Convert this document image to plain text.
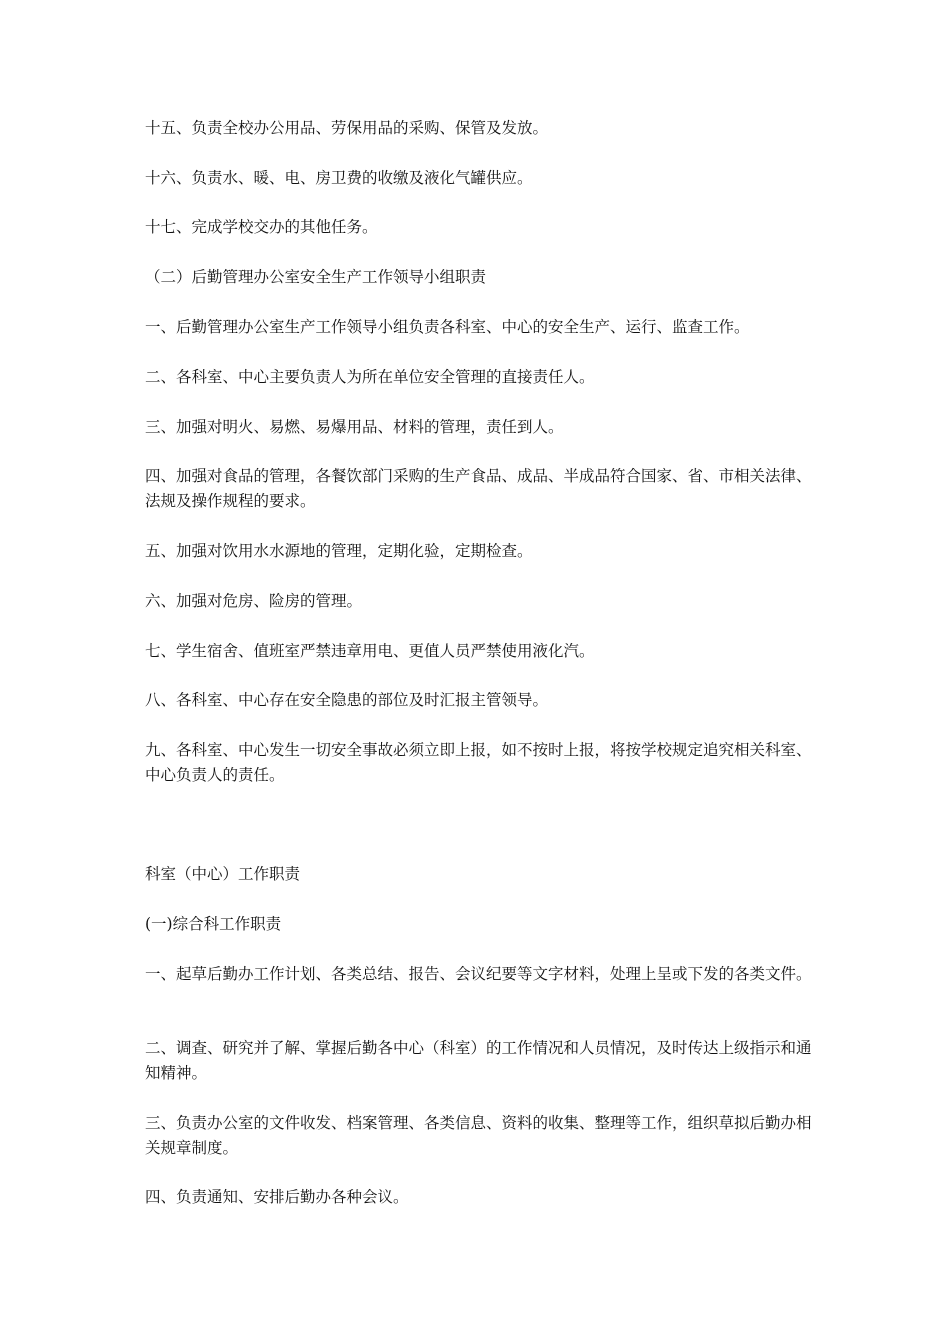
十五、负责全校办公用品、劳保用品的采购、保管及发放。

十六、负责水、暖、电、房卫费的收缴及液化气罐供应。

十七、完成学校交办的其他任务。

（二）后勤管理办公室安全生产工作领导小组职责

一、后勤管理办公室生产工作领导小组负责各科室、中心的安全生产、运行、监查工作。

二、各科室、中心主要负责人为所在单位安全管理的直接责任人。

三、加强对明火、易燃、易爆用品、材料的管理，责任到人。

四、加强对食品的管理，各餐饮部门采购的生产食品、成品、半成品符合国家、省、市相关法律、法规及操作规程的要求。

五、加强对饮用水水源地的管理，定期化验，定期检查。

六、加强对危房、险房的管理。

七、学生宿舍、值班室严禁违章用电、更值人员严禁使用液化汽。

八、各科室、中心存在安全隐患的部位及时汇报主管领导。

九、各科室、中心发生一切安全事故必须立即上报，如不按时上报，将按学校规定追究相关科室、中心负责人的责任。

科室（中心）工作职责

(一)综合科工作职责

一、起草后勤办工作计划、各类总结、报告、会议纪要等文字材料，处理上呈或下发的各类文件。

二、调查、研究并了解、掌握后勤各中心（科室）的工作情况和人员情况，及时传达上级指示和通知精神。

三、负责办公室的文件收发、档案管理、各类信息、资料的收集、整理等工作，组织草拟后勤办相关规章制度。

四、负责通知、安排后勤办各种会议。
